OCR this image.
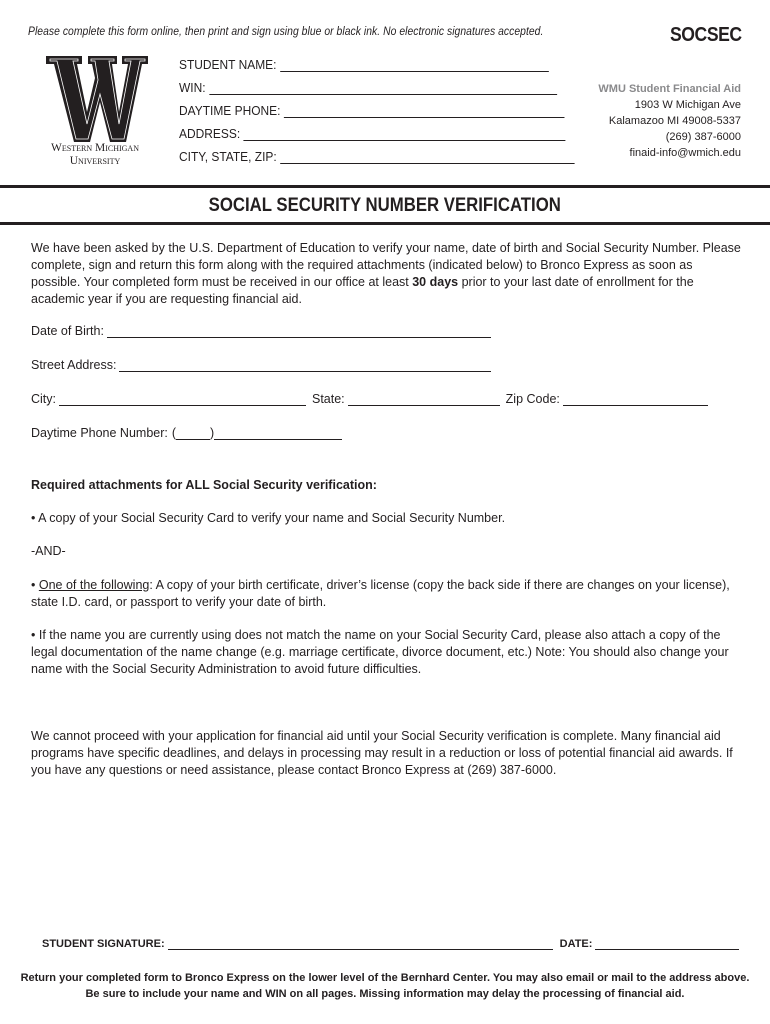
Please complete this form online, then print and sign using blue or black ink. No electronic signatures accepted.	SOCSEC
Western Michigan
University
STUDENT NAME:
WIN:
DAYTIME PHONE:
ADDRESS:
CITY, STATE, ZIP:
WMU Student Financial Aid
1903 W Michigan Ave
Kalamazoo MI 49008-5337
(269) 387-6000
finaid-info@wmich.edu
SOCIAL SECURITY NUMBER VERIFICATION
We have been asked by the U.S. Department of Education to verify your name, date of birth and Social Security Number. Please complete, sign and return this form along with the required attachments (indicated below) to Bronco Express as soon as possible. Your completed form must be received in our office at least 30 days prior to your last date of enrollment for the academic year if you are requesting financial aid.
Date of Birth:
Street Address:
City:	State:	Zip Code:
Daytime Phone Number: (	)
Required attachments for ALL Social Security verification:
• A copy of your Social Security Card to verify your name and Social Security Number.
-AND-
• One of the following: A copy of your birth certificate, driver’s license (copy the back side if there are changes on your license), state I.D. card, or passport to verify your date of birth.
• If the name you are currently using does not match the name on your Social Security Card, please also attach a copy of the legal documentation of the name change (e.g. marriage certificate, divorce document, etc.) Note: You should also change your name with the Social Security Administration to avoid future difficulties.
We cannot proceed with your application for financial aid until your Social Security verification is complete. Many financial aid programs have specific deadlines, and delays in processing may result in a reduction or loss of potential financial aid awards. If you have any questions or need assistance, please contact Bronco Express at (269) 387-6000.
STUDENT SIGNATURE:	DATE:
Return your completed form to Bronco Express on the lower level of the Bernhard Center. You may also email or mail to the address above.
Be sure to include your name and WIN on all pages. Missing information may delay the processing of financial aid.
